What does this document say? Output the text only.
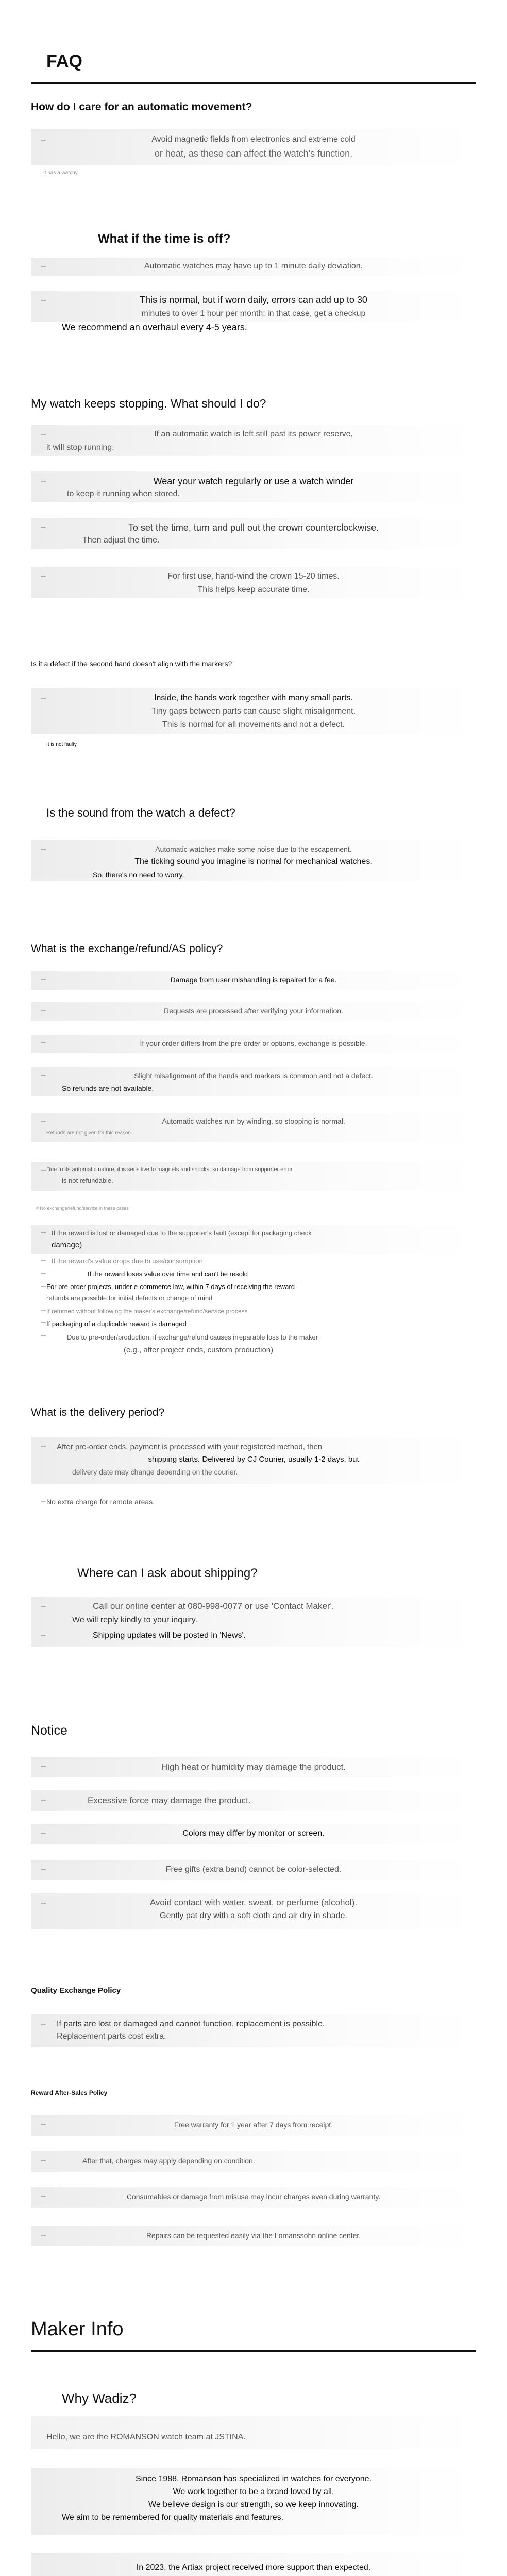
FAQ
How do I care for an automatic movement?
–	Avoid magnetic fields from electronics and extreme cold
or heat, as these can affect the watch's function.
It has a watchy
What if the time is off?
–	Automatic watches may have up to 1 minute daily deviation.
–	This is normal, but if worn daily, errors can add up to 30
minutes to over 1 hour per month; in that case, get a checkup
We recommend an overhaul every 4-5 years.
My watch keeps stopping. What should I do?
–	If an automatic watch is left still past its power reserve,
it will stop running.
–	Wear your watch regularly or use a watch winder
to keep it running when stored.
–	To set the time, turn and pull out the crown counterclockwise.
Then adjust the time.
–	For first use, hand-wind the crown 15-20 times.
This helps keep accurate time.
Is it a defect if the second hand doesn't align with the markers?
–	Inside, the hands work together with many small parts.
Tiny gaps between parts can cause slight misalignment.
This is normal for all movements and not a defect.
It is not faulty.
Is the sound from the watch a defect?
–	Automatic watches make some noise due to the escapement.
The ticking sound you imagine is normal for mechanical watches.
So, there's no need to worry.
What is the exchange/refund/AS policy?
–	Damage from user mishandling is repaired for a fee.
–	Requests are processed after verifying your information.
–	If your order differs from the pre-order or options, exchange is possible.
–	Slight misalignment of the hands and markers is common and not a defect.
So refunds are not available.
–	Automatic watches run by winding, so stopping is normal.
Refunds are not given for this reason.
– Due to its automatic nature, it is sensitive to magnets and shocks, so damage from supporter error
is not refundable.
# No exchange/refund/service in these cases
– If the reward is lost or damaged due to the supporter's fault (except for packaging check
damage)
– If the reward's value drops due to use/consumption
–	If the reward loses value over time and can't be resold
– For pre-order projects, under e-commerce law, within 7 days of receiving the reward
refunds are possible for initial defects or change of mind
– If returned without following the maker's exchange/refund/service process
– If packaging of a duplicable reward is damaged
–	Due to pre-order/production, if exchange/refund causes irreparable loss to the maker
(e.g., after project ends, custom production)
What is the delivery period?
– After pre-order ends, payment is processed with your registered method, then
shipping starts. Delivered by CJ Courier, usually 1-2 days, but
delivery date may change depending on the courier.
– No extra charge for remote areas.
Where can I ask about shipping?
–	Call our online center at 080-998-0077 or use 'Contact Maker'.
We will reply kindly to your inquiry.
–	Shipping updates will be posted in 'News'.
Notice
–	High heat or humidity may damage the product.
–	Excessive force may damage the product.
–	Colors may differ by monitor or screen.
–	Free gifts (extra band) cannot be color-selected.
–	Avoid contact with water, sweat, or perfume (alcohol).
Gently pat dry with a soft cloth and air dry in shade.
Quality Exchange Policy
– If parts are lost or damaged and cannot function, replacement is possible.
Replacement parts cost extra.
Reward After-Sales Policy
–	Free warranty for 1 year after 7 days from receipt.
–	After that, charges may apply depending on condition.
–	Consumables or damage from misuse may incur charges even during warranty.
–	Repairs can be requested easily via the Lomanssohn online center.
Maker Info
Why Wadiz?
Hello, we are the ROMANSON watch team at JSTINA.
Since 1988, Romanson has specialized in watches for everyone.
We work together to be a brand loved by all.
We believe design is our strength, so we keep innovating.
We aim to be remembered for quality materials and features.
In 2023, the Artiax project received more support than expected.
